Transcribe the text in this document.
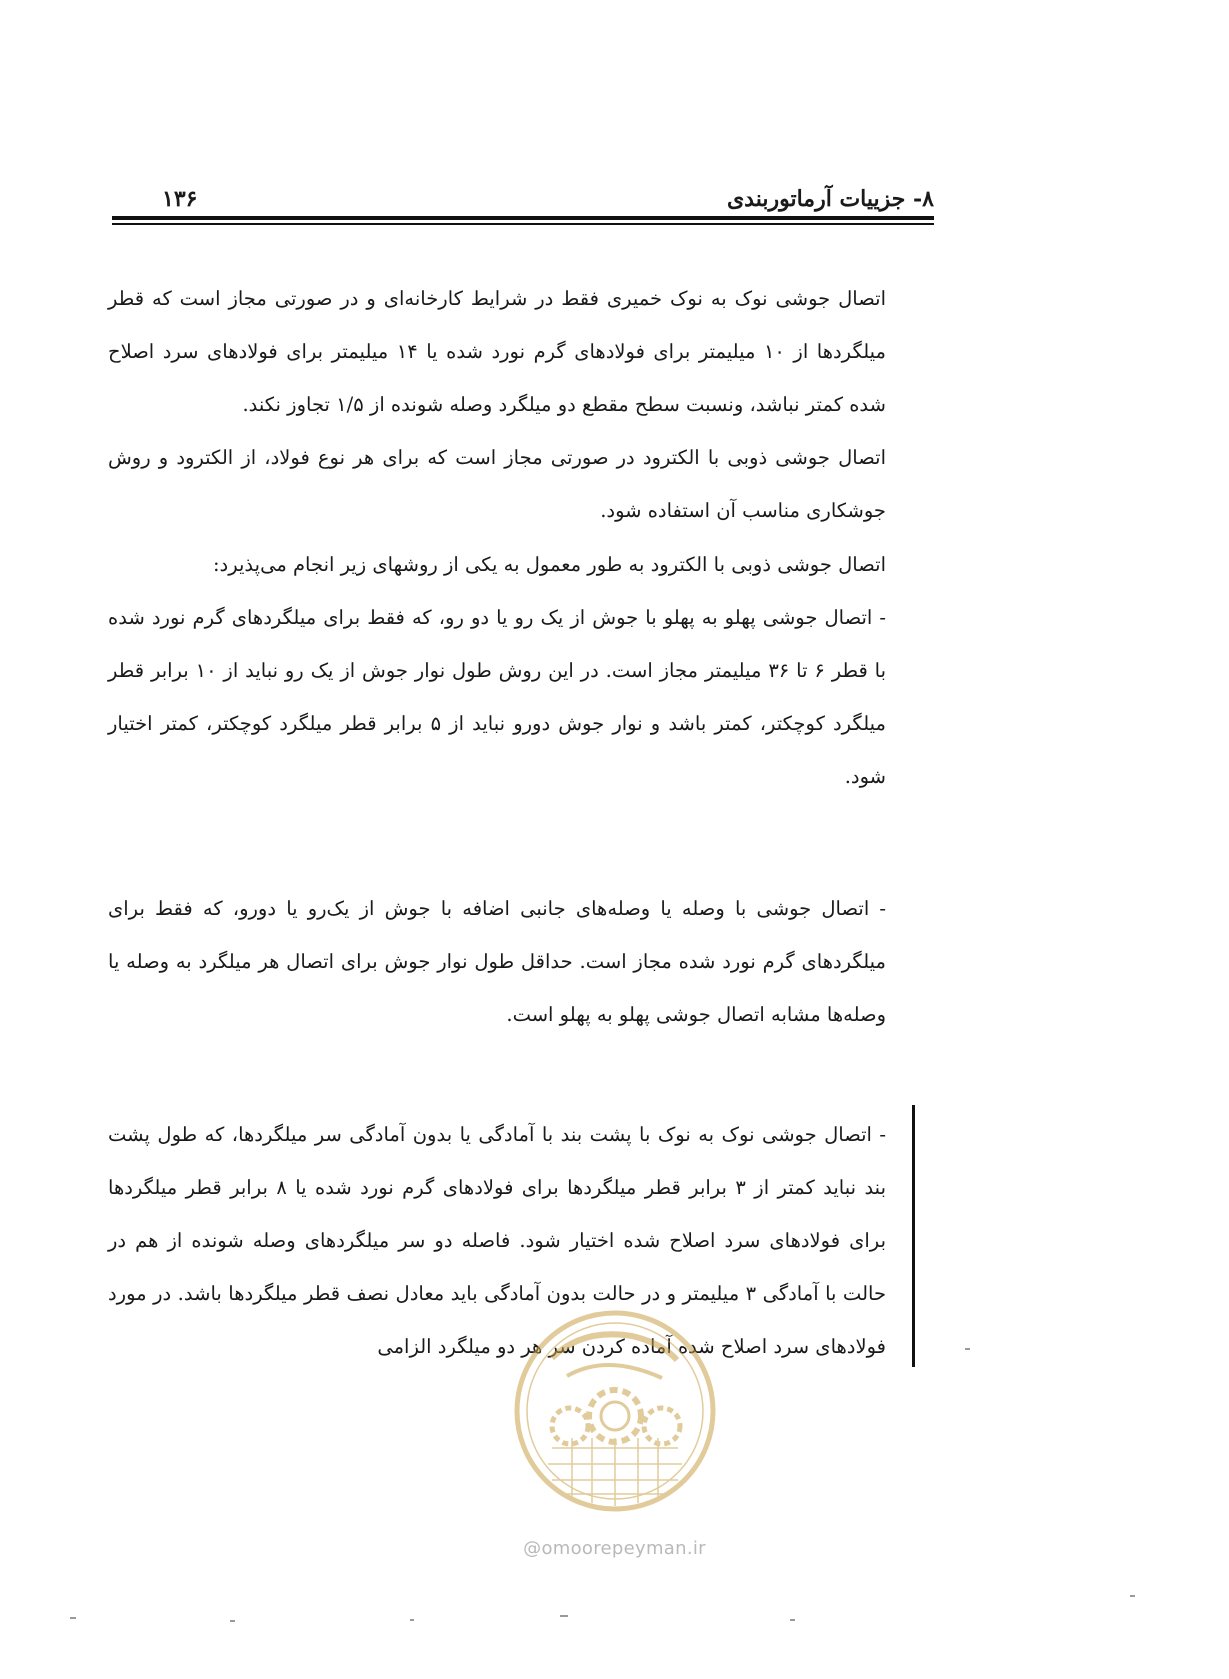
۸- جزییات آرماتوربندی
۱۳۶

اتصال جوشی نوک به نوک خمیری فقط در شرایط کارخانه‌ای و در صورتی مجاز است که قطر میلگردها از ۱۰ میلیمتر برای فولادهای گرم نورد شده یا ۱۴ میلیمتر برای فولادهای سرد اصلاح شده کمتر نباشد، ونسبت سطح مقطع دو میلگرد وصله شونده از ۱/۵ تجاوز نکند.

اتصال جوشی ذوبی با الکترود در صورتی مجاز است که برای هر نوع فولاد، از الکترود و روش جوشکاری مناسب آن استفاده شود.

اتصال جوشی ذوبی با الکترود به طور معمول به یکی از روشهای زیر انجام می‌پذیرد:

- اتصال جوشی پهلو به پهلو با جوش از یک رو یا دو رو، که فقط برای میلگردهای گرم نورد شده با قطر ۶ تا ۳۶ میلیمتر مجاز است. در این روش طول نوار جوش از یک رو نباید از ۱۰ برابر قطر میلگرد کوچکتر، کمتر باشد و نوار جوش دورو نباید از ۵ برابر قطر میلگرد کوچکتر، کمتر اختیار شود.

- اتصال جوشی با وصله یا وصله‌های جانبی اضافه با جوش از یک‌رو یا دورو، که فقط برای میلگردهای گرم نورد شده مجاز است. حداقل طول نوار جوش برای اتصال هر میلگرد به وصله یا وصله‌ها مشابه اتصال جوشی پهلو به پهلو است.

- اتصال جوشی نوک به نوک با پشت بند با آمادگی یا بدون آمادگی سر میلگردها، که طول پشت بند نباید کمتر از ۳ برابر قطر میلگردها برای فولادهای گرم نورد شده یا ۸ برابر قطر میلگردها برای فولادهای سرد اصلاح شده اختیار شود. فاصله دو سر میلگردهای وصله شونده از هم در حالت با آمادگی ۳ میلیمتر و در حالت بدون آمادگی باید معادل نصف قطر میلگردها باشد. در مورد فولادهای سرد اصلاح شده آماده کردن سر هر دو میلگرد الزامی

@omoorepeyman.ir
